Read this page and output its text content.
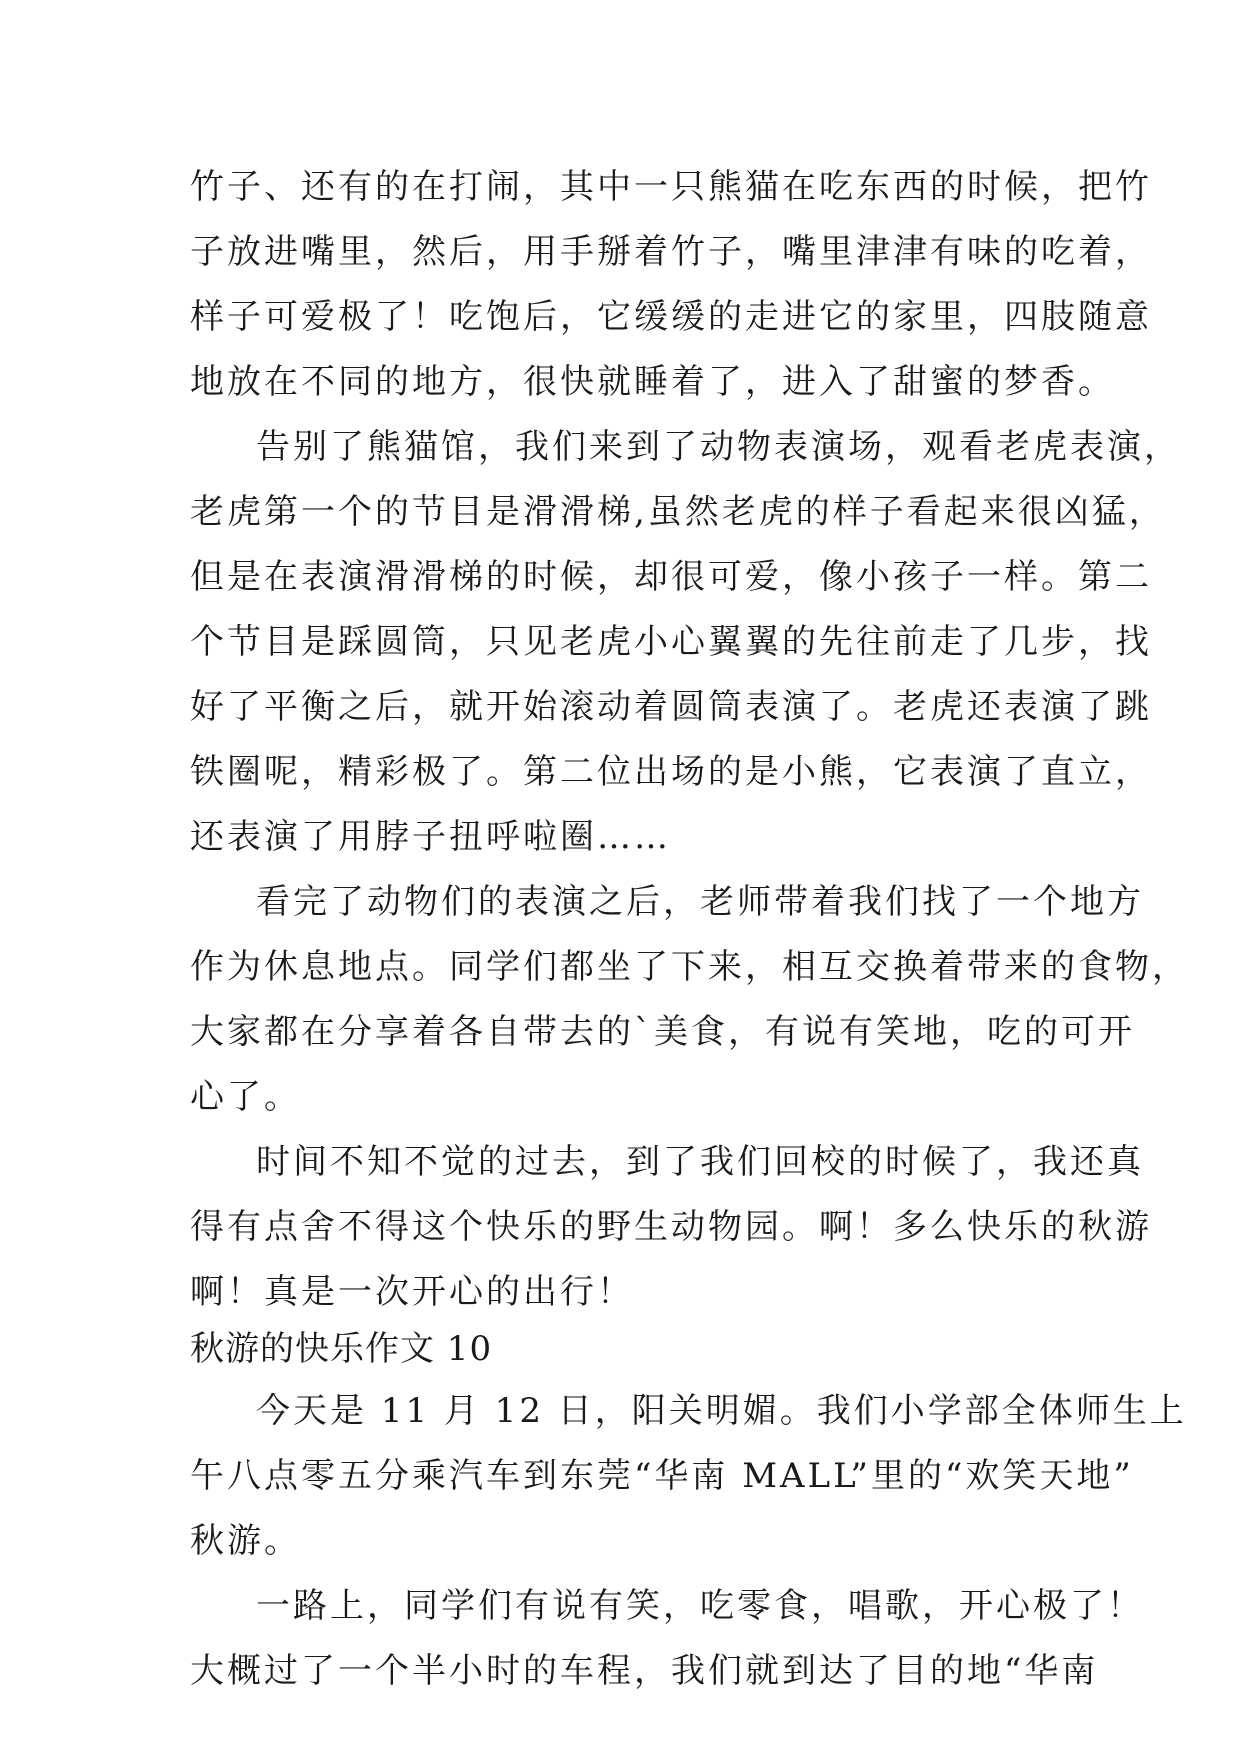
竹子、还有的在打闹，其中一只熊猫在吃东西的时候，把竹
子放进嘴里，然后，用手掰着竹子，嘴里津津有味的吃着，
样子可爱极了！吃饱后，它缓缓的走进它的家里，四肢随意
地放在不同的地方，很快就睡着了，进入了甜蜜的梦香。
告别了熊猫馆，我们来到了动物表演场，观看老虎表演，
老虎第一个的节目是滑滑梯,虽然老虎的样子看起来很凶猛，
但是在表演滑滑梯的时候，却很可爱，像小孩子一样。第二
个节目是踩圆筒，只见老虎小心翼翼的先往前走了几步，找
好了平衡之后，就开始滚动着圆筒表演了。老虎还表演了跳
铁圈呢，精彩极了。第二位出场的是小熊，它表演了直立，
还表演了用脖子扭呼啦圈……
看完了动物们的表演之后，老师带着我们找了一个地方
作为休息地点。同学们都坐了下来，相互交换着带来的食物，
大家都在分享着各自带去的`美食，有说有笑地，吃的可开
心了。
时间不知不觉的过去，到了我们回校的时候了，我还真
得有点舍不得这个快乐的野生动物园。啊！多么快乐的秋游
啊！真是一次开心的出行！
秋游的快乐作文 10
今天是 11 月 12 日，阳关明媚。我们小学部全体师生上
午八点零五分乘汽车到东莞“华南 MALL”里的“欢笑天地”
秋游。
一路上，同学们有说有笑，吃零食，唱歌，开心极了！
大概过了一个半小时的车程，我们就到达了目的地“华南
